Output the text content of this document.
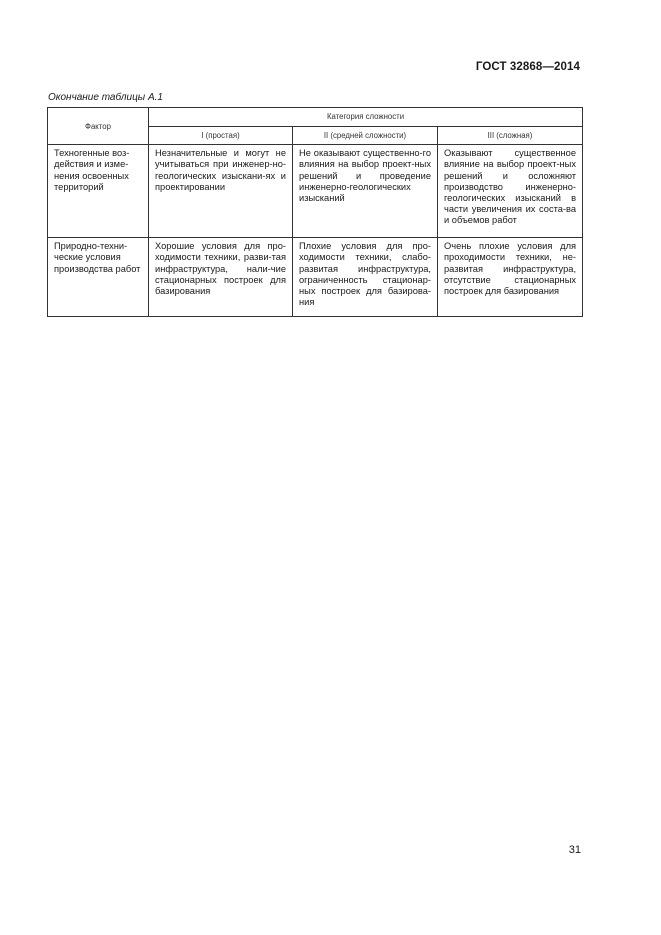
ГОСТ 32868—2014
Окончание таблицы А.1
Фактор	Категория сложности		
	I (простая)	II (средней сложности)	III (сложная)
Техногенные воз-действия и изме-нения освоенных территорий	Незначительные и могут не учитываться при инженер-но-геологических изыскани-ях и проектировании	Не оказывают существенно-го влияния на выбор проект-ных решений и проведение инженерно-геологических изысканий	Оказывают существенное влияние на выбор проект-ных решений и осложняют производство инженерно-геологических изысканий в части увеличения их соста-ва и объемов работ
Природно-техни-ческие условия производства работ	Хорошие условия для про-ходимости техники, разви-тая инфраструктура, нали-чие стационарных построек для базирования	Плохие условия для про-ходимости техники, слабо-развитая инфраструктура, ограниченность стационар-ных построек для базирова-ния	Очень плохие условия для проходимости техники, не-развитая инфраструктура, отсутствие стационарных построек для базирования
31
